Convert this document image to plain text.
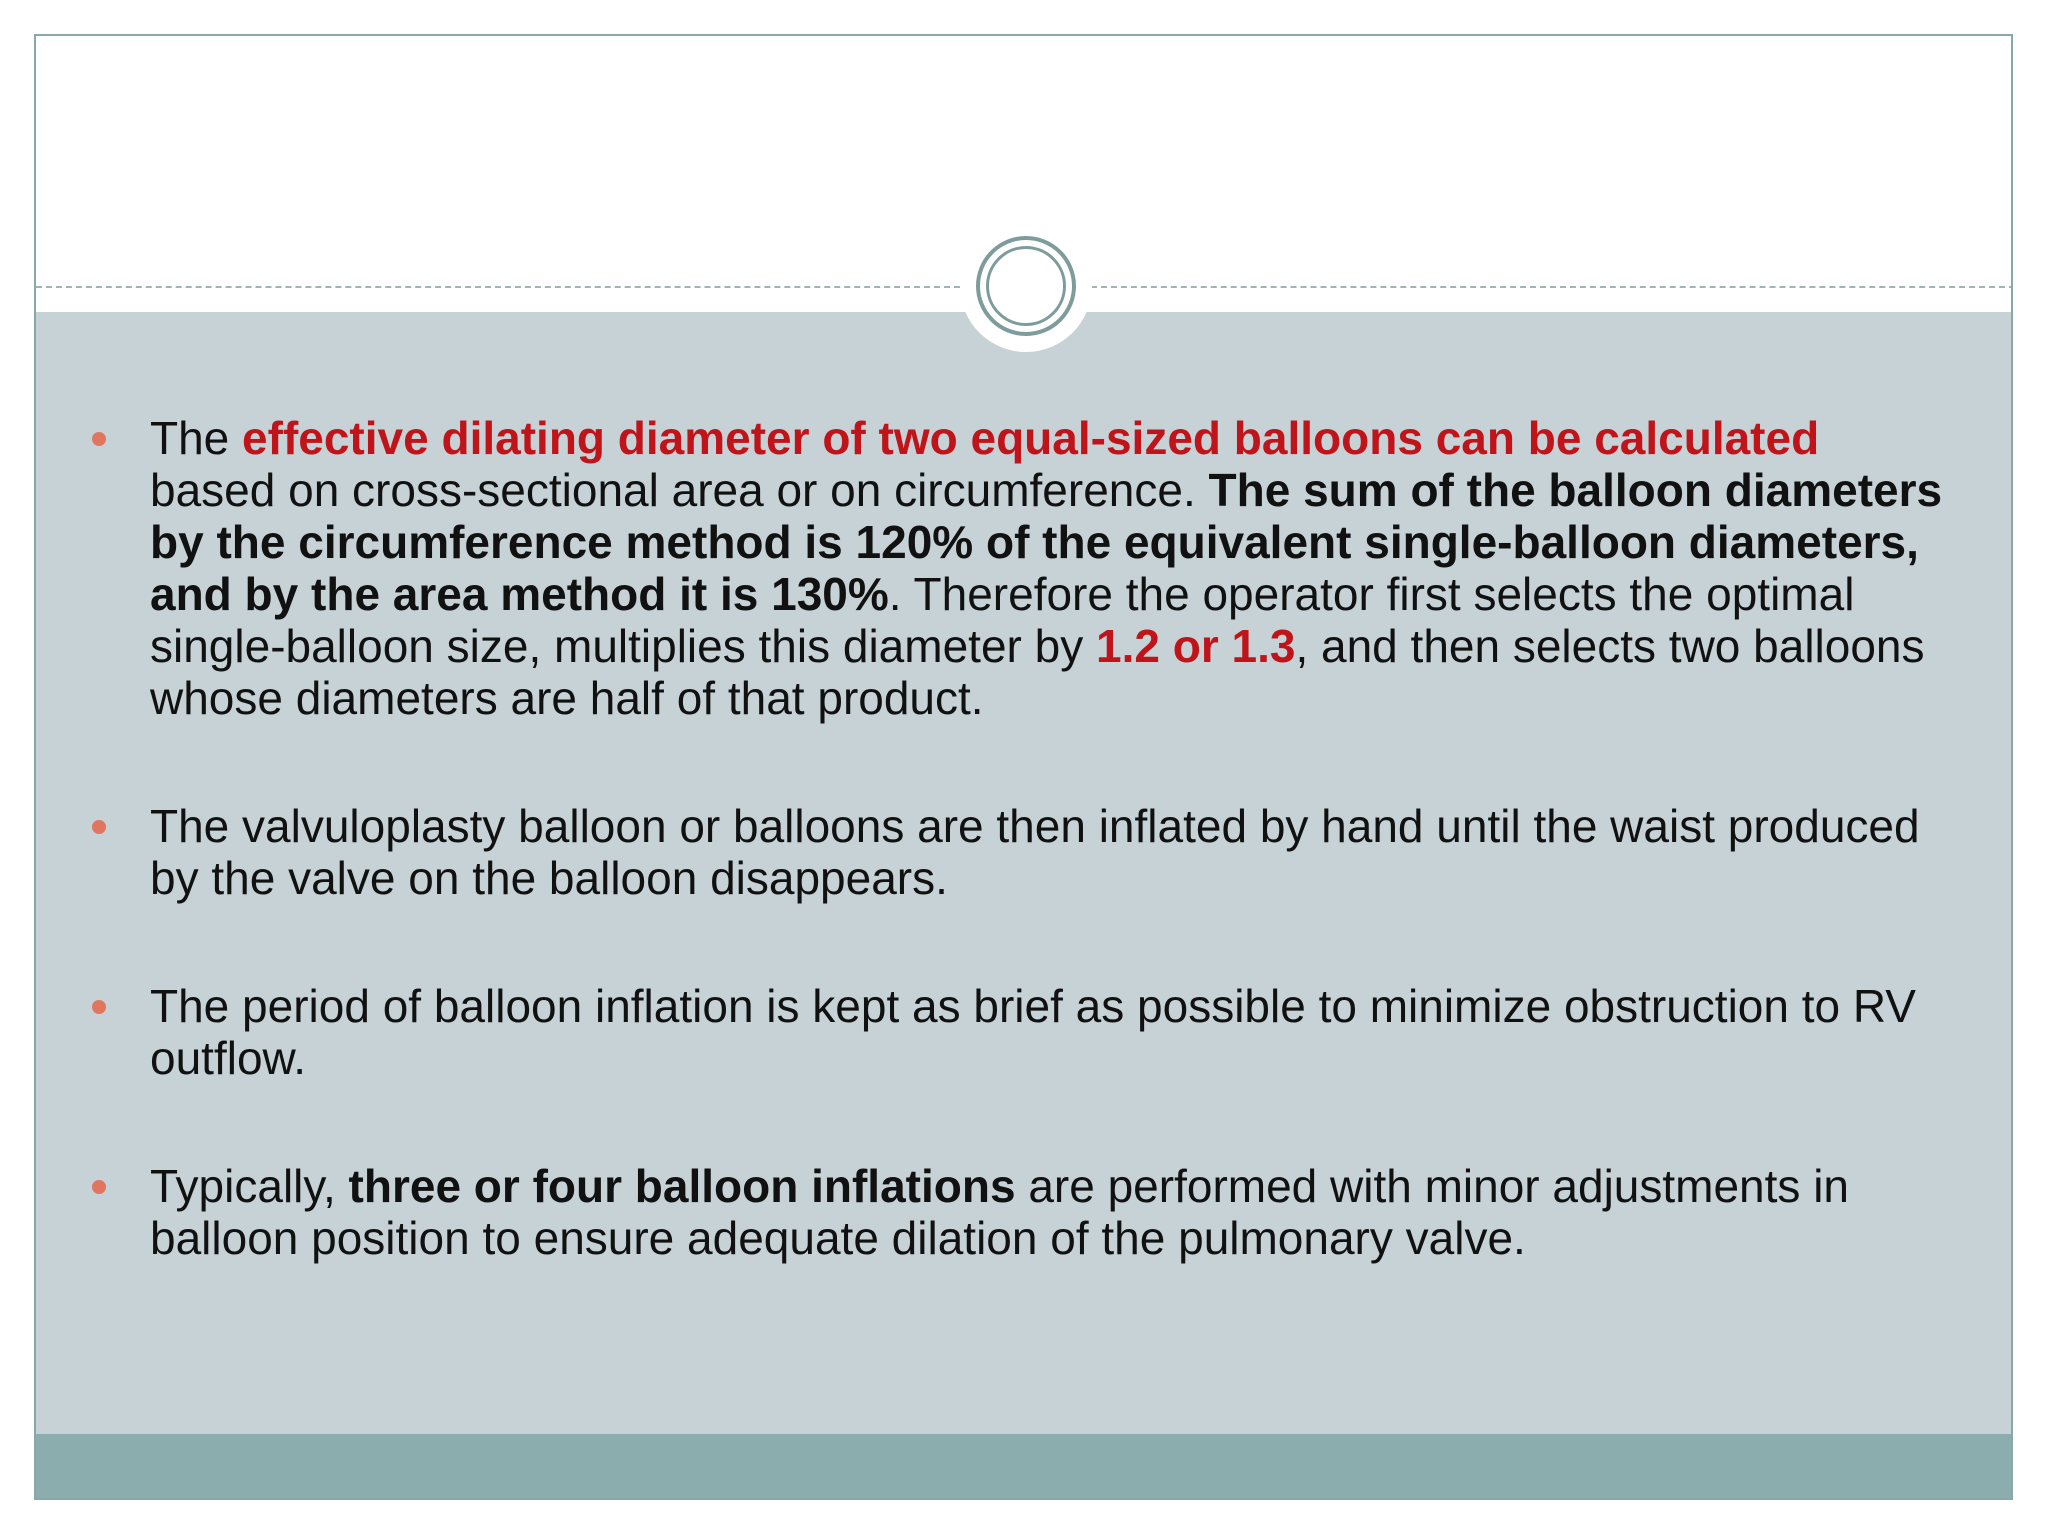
The effective dilating diameter of two equal-sized balloons can be calculated based on cross-sectional area or on circumference. The sum of the balloon diameters by the circumference method is 120% of the equivalent single-balloon diameters, and by the area method it is 130%. Therefore the operator first selects the optimal single-balloon size, multiplies this diameter by 1.2 or 1.3, and then selects two balloons whose diameters are half of that product.
The valvuloplasty balloon or balloons are then inflated by hand until the waist produced by the valve on the balloon disappears.
The period of balloon inflation is kept as brief as possible to minimize obstruction to RV outflow.
Typically, three or four balloon inflations are performed with minor adjustments in balloon position to ensure adequate dilation of the pulmonary valve.
